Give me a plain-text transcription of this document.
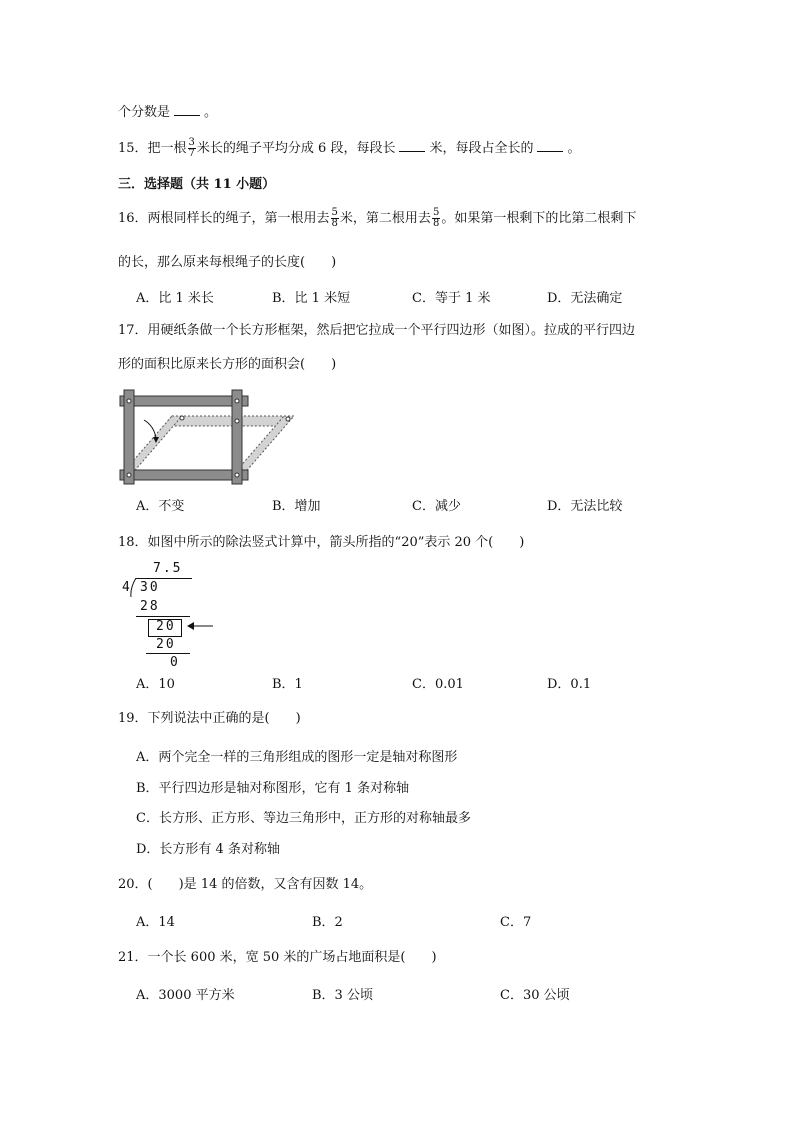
个分数是	。
15．把一根 $\frac{3}{7}$ 米长的绳子平均分成 6 段，每段长	米，每段占全长的	。
三．选择题（共 11 小题）
16．两根同样长的绳子，第一根用去 $\frac{5}{8}$ 米，第二根用去 $\frac{5}{8}$ 。如果第一根剩下的比第二根剩下
的长，那么原来每根绳子的长度(　　)
A．比 1 米长	B．比 1 米短	C．等于 1 米	D．无法确定
17．用硬纸条做一个长方形框架，然后把它拉成一个平行四边形（如图）。拉成的平行四边
形的面积比原来长方形的面积会(　　)
A．不变	B．增加	C．减少	D．无法比较
18．如图中所示的除法竖式计算中，箭头所指的“20”表示 20 个(　　)
7.5
4 30
28
20
20
0
A．10	B．1	C．0.01	D．0.1
19．下列说法中正确的是(　　)
A．两个完全一样的三角形组成的图形一定是轴对称图形
B．平行四边形是轴对称图形，它有 1 条对称轴
C．长方形、正方形、等边三角形中，正方形的对称轴最多
D．长方形有 4 条对称轴
20．(　　)是 14 的倍数，又含有因数 14。
A．14	B．2	C．7
21．一个长 600 米，宽 50 米的广场占地面积是(　　)
A．3000 平方米	B．3 公顷	C．30 公顷
